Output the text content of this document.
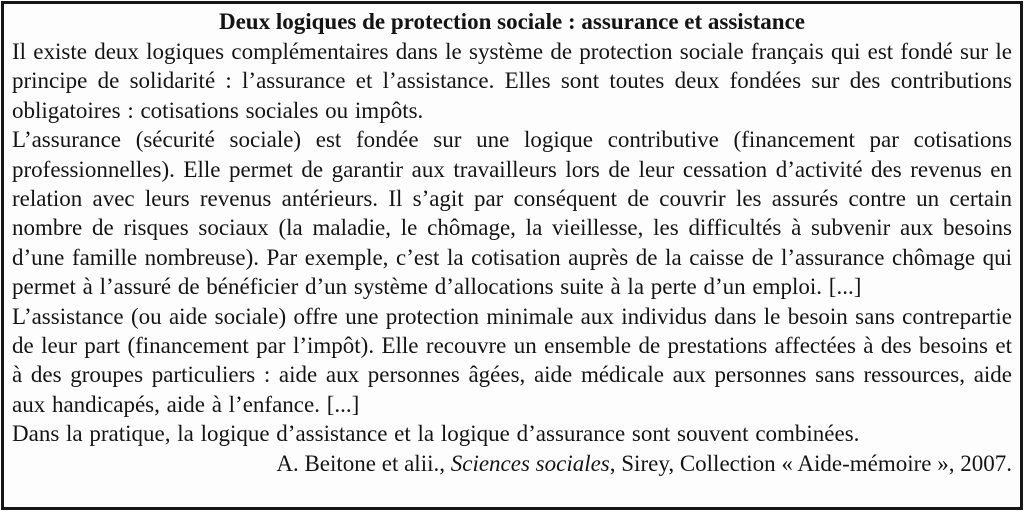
Deux logiques de protection sociale : assurance et assistance

Il existe deux logiques complémentaires dans le système de protection sociale français qui est fondé sur le principe de solidarité : l’assurance et l’assistance. Elles sont toutes deux fondées sur des contributions obligatoires : cotisations sociales ou impôts.

L’assurance (sécurité sociale) est fondée sur une logique contributive (financement par cotisations professionnelles). Elle permet de garantir aux travailleurs lors de leur cessation d’activité des revenus en relation avec leurs revenus antérieurs. Il s’agit par conséquent de couvrir les assurés contre un certain nombre de risques sociaux (la maladie, le chômage, la vieillesse, les difficultés à subvenir aux besoins d’une famille nombreuse). Par exemple, c’est la cotisation auprès de la caisse de l’assurance chômage qui permet à l’assuré de bénéficier d’un système d’allocations suite à la perte d’un emploi. [...]

L’assistance (ou aide sociale) offre une protection minimale aux individus dans le besoin sans contrepartie de leur part (financement par l’impôt). Elle recouvre un ensemble de prestations affectées à des besoins et à des groupes particuliers : aide aux personnes âgées, aide médicale aux personnes sans ressources, aide aux handicapés, aide à l’enfance. [...]

Dans la pratique, la logique d’assistance et la logique d’assurance sont souvent combinées.

A. Beitone et alii., Sciences sociales, Sirey, Collection « Aide-mémoire », 2007.
